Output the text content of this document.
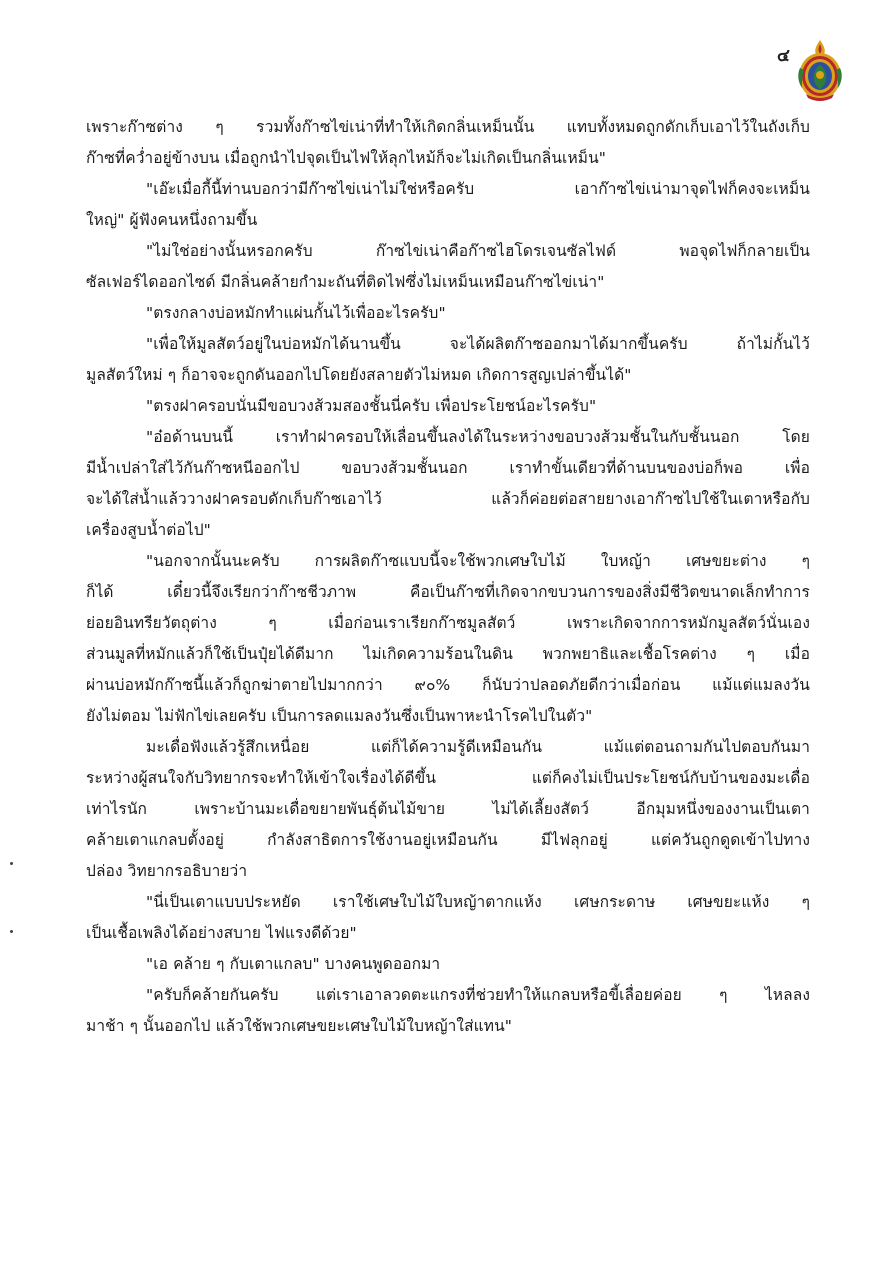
๔
เพราะก๊าซต่าง ๆ รวมทั้งก๊าซไข่เน่าที่ทำให้เกิดกลิ่นเหม็นนั้น แทบทั้งหมดถูกดักเก็บเอาไว้ในถังเก็บ
ก๊าซที่คว่ำอยู่ข้างบน เมื่อถูกนำไปจุดเป็นไฟให้ลุกไหม้ก็จะไม่เกิดเป็นกลิ่นเหม็น"
"เอ๊ะเมื่อกี้นี้ท่านบอกว่ามีก๊าซไข่เน่าไม่ใช่หรือครับ เอาก๊าซไข่เน่ามาจุดไฟก็คงจะเหม็น
ใหญ่" ผู้ฟังคนหนึ่งถามขึ้น
"ไม่ใช่อย่างนั้นหรอกครับ ก๊าซไข่เน่าคือก๊าซไฮโดรเจนซัลไฟด์ พอจุดไฟก็กลายเป็น
ซัลเฟอร์ไดออกไซด์ มีกลิ่นคล้ายกำมะถันที่ติดไฟซึ่งไม่เหม็นเหมือนก๊าซไข่เน่า"
"ตรงกลางบ่อหมักทำแผ่นกั้นไว้เพื่ออะไรครับ"
"เพื่อให้มูลสัตว์อยู่ในบ่อหมักได้นานขึ้น จะได้ผลิตก๊าซออกมาได้มากขึ้นครับ ถ้าไม่กั้นไว้
มูลสัตว์ใหม่ ๆ ก็อาจจะถูกดันออกไปโดยยังสลายตัวไม่หมด เกิดการสูญเปล่าขึ้นได้"
"ตรงฝาครอบนั่นมีขอบวงส้วมสองชั้นนี่ครับ เพื่อประโยชน์อะไรครับ"
"อ๋อด้านบนนี้ เราทำฝาครอบให้เลื่อนขึ้นลงได้ในระหว่างขอบวงส้วมชั้นในกับชั้นนอก โดย
มีน้ำเปล่าใส่ไว้กันก๊าซหนีออกไป ขอบวงส้วมชั้นนอก เราทำขั้นเดียวที่ด้านบนของบ่อก็พอ เพื่อ
จะได้ใส่น้ำแล้ววางฝาครอบดักเก็บก๊าซเอาไว้ แล้วก็ค่อยต่อสายยางเอาก๊าซไปใช้ในเตาหรือกับ
เครื่องสูบน้ำต่อไป"
"นอกจากนั้นนะครับ การผลิตก๊าซแบบนี้จะใช้พวกเศษใบไม้ ใบหญ้า เศษขยะต่าง ๆ
ก็ได้ เดี๋ยวนี้จึงเรียกว่าก๊าซชีวภาพ คือเป็นก๊าซที่เกิดจากขบวนการของสิ่งมีชีวิตขนาดเล็กทำการ
ย่อยอินทรียวัตถุต่าง ๆ เมื่อก่อนเราเรียกก๊าซมูลสัตว์ เพราะเกิดจากการหมักมูลสัตว์นั่นเอง
ส่วนมูลที่หมักแล้วก็ใช้เป็นปุ๋ยได้ดีมาก ไม่เกิดความร้อนในดิน พวกพยาธิและเชื้อโรคต่าง ๆ เมื่อ
ผ่านบ่อหมักก๊าซนี้แล้วก็ถูกฆ่าตายไปมากกว่า ๙๐% ก็นับว่าปลอดภัยดีกว่าเมื่อก่อน แม้แต่แมลงวัน
ยังไม่ตอม ไม่ฟักไข่เลยครับ เป็นการลดแมลงวันซึ่งเป็นพาหะนำโรคไปในตัว"
มะเดื่อฟังแล้วรู้สึกเหนื่อย แต่ก็ได้ความรู้ดีเหมือนกัน แม้แต่ตอนถามกันไปตอบกันมา
ระหว่างผู้สนใจกับวิทยากรจะทำให้เข้าใจเรื่องได้ดีขึ้น แต่ก็คงไม่เป็นประโยชน์กับบ้านของมะเดื่อ
เท่าไรนัก เพราะบ้านมะเดื่อขยายพันธุ์ต้นไม้ขาย ไม่ได้เลี้ยงสัตว์ อีกมุมหนึ่งของงานเป็นเตา
คล้ายเตาแกลบตั้งอยู่ กำลังสาธิตการใช้งานอยู่เหมือนกัน มีไฟลุกอยู่ แต่ควันถูกดูดเข้าไปทาง
ปล่อง วิทยากรอธิบายว่า
"นี่เป็นเตาแบบประหยัด เราใช้เศษใบไม้ใบหญ้าตากแห้ง เศษกระดาษ เศษขยะแห้ง ๆ
เป็นเชื้อเพลิงได้อย่างสบาย ไฟแรงดีด้วย"
"เอ คล้าย ๆ กับเตาแกลบ" บางคนพูดออกมา
"ครับก็คล้ายกันครับ แต่เราเอาลวดตะแกรงที่ช่วยทำให้แกลบหรือขี้เลื่อยค่อย ๆ ไหลลง
มาช้า ๆ นั้นออกไป แล้วใช้พวกเศษขยะเศษใบไม้ใบหญ้าใส่แทน"
